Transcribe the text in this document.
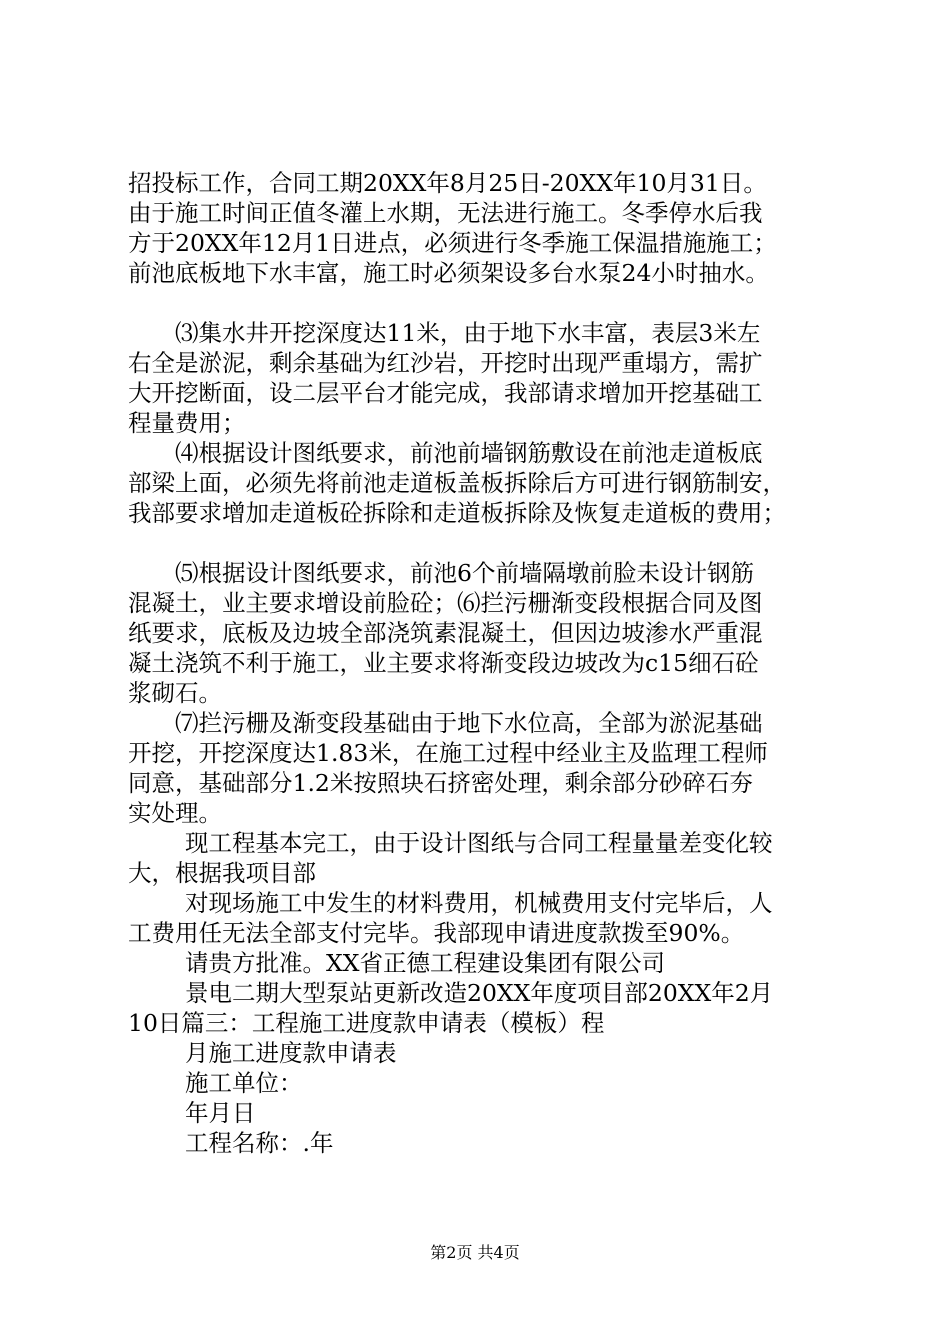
招投标工作，合同工期20XX年8月25日-20XX年10月31日。
由于施工时间正值冬灌上水期，无法进行施工。冬季停水后我
方于20XX年12月1日进点，必须进行冬季施工保温措施施工；
前池底板地下水丰富，施工时必须架设多台水泵24小时抽水。
⑶集水井开挖深度达11米，由于地下水丰富，表层3米左
右全是淤泥，剩余基础为红沙岩，开挖时出现严重塌方，需扩
大开挖断面，设二层平台才能完成，我部请求增加开挖基础工
程量费用；
⑷根据设计图纸要求，前池前墙钢筋敷设在前池走道板底
部梁上面，必须先将前池走道板盖板拆除后方可进行钢筋制安，
我部要求增加走道板砼拆除和走道板拆除及恢复走道板的费用；
⑸根据设计图纸要求，前池6个前墙隔墩前脸未设计钢筋
混凝土，业主要求增设前脸砼；⑹拦污栅渐变段根据合同及图
纸要求，底板及边坡全部浇筑素混凝土，但因边坡渗水严重混
凝土浇筑不利于施工，业主要求将渐变段边坡改为c15细石砼
浆砌石。
⑺拦污栅及渐变段基础由于地下水位高，全部为淤泥基础
开挖，开挖深度达1.83米，在施工过程中经业主及监理工程师
同意，基础部分1.2米按照块石挤密处理，剩余部分砂碎石夯
实处理。
现工程基本完工，由于设计图纸与合同工程量量差变化较
大，根据我项目部
对现场施工中发生的材料费用，机械费用支付完毕后，人
工费用任无法全部支付完毕。我部现申请进度款拨至90%。
请贵方批准。XX省正德工程建设集团有限公司
景电二期大型泵站更新改造20XX年度项目部20XX年2月
10日篇三：工程施工进度款申请表（模板）程
月施工进度款申请表
施工单位：
年月日
工程名称：.年
第2页 共4页
